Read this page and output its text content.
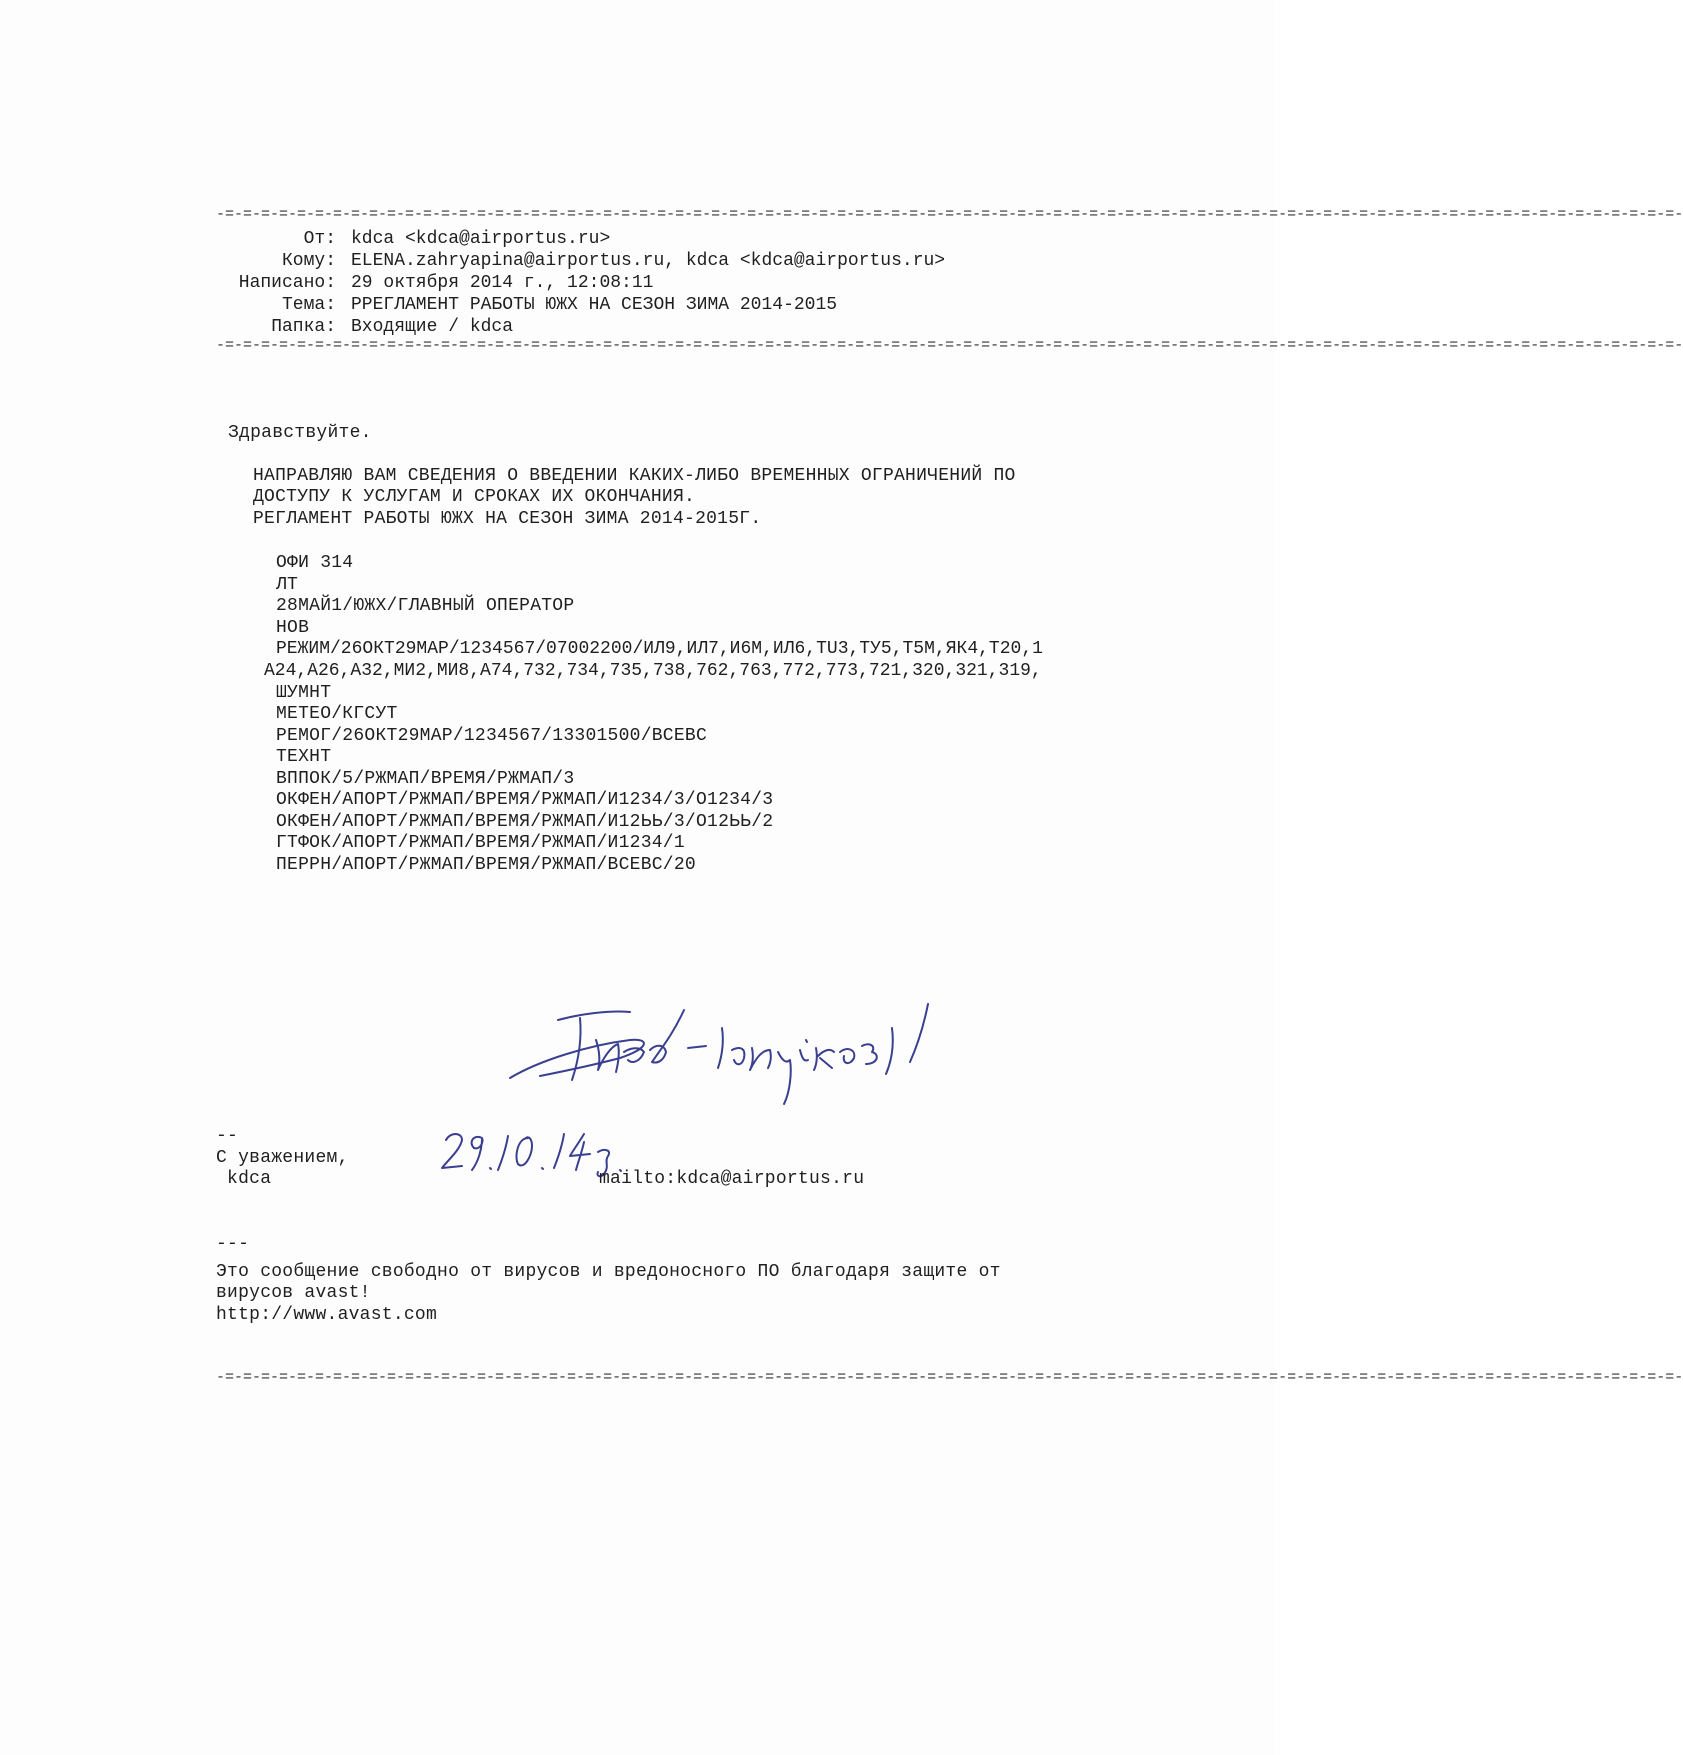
-=-=-=-=-=-=-=-=-=-=-=-=-=-=-=-=-=-=-=-=-=-=-=-=-=-=-=-=-=-=-=-=-=-=-=-=-=-=-=-=-=-=-=-=-=-=-=-=-=-=-=-=-=-=-=-=-=-=-=-=-=-=-=-=-=-=-=-=-=-=-=-=-=-=-=-=-=-=-=-=-=-
От: kdca <kdca@airportus.ru>
Кому: ELENA.zahryapina@airportus.ru, kdca <kdca@airportus.ru>
Написано: 29 октября 2014 г., 12:08:11
Тема: РРЕГЛАМЕНТ РАБОТЫ ЮЖХ НА СЕЗОН ЗИМА 2014-2015
Папка: Входящие / kdca
-=-=-=-=-=-=-=-=-=-=-=-=-=-=-=-=-=-=-=-=-=-=-=-=-=-=-=-=-=-=-=-=-=-=-=-=-=-=-=-=-=-=-=-=-=-=-=-=-=-=-=-=-=-=-=-=-=-=-=-=-=-=-=-=-=-=-=-=-=-=-=-=-=-=-=-=-=-=-=-=-=-
Здравствуйте.
НАПРАВЛЯЮ ВАМ СВЕДЕНИЯ О ВВЕДЕНИИ КАКИХ-ЛИБО ВРЕМЕННЫХ ОГРАНИЧЕНИЙ ПО
ДОСТУПУ К УСЛУГАМ И СРОКАХ ИХ ОКОНЧАНИЯ.
РЕГЛАМЕНТ РАБОТЫ ЮЖХ НА СЕЗОН ЗИМА 2014-2015Г.
ОФИ 314
ЛТ
28МАЙ1/ЮЖХ/ГЛАВНЫЙ ОПЕРАТОР
НОВ
РЕЖИМ/26ОКТ29МАР/1234567/07002200/ИЛ9,ИЛ7,И6М,ИЛ6,TU3,ТУ5,Т5М,ЯК4,Т20,1
А24,А26,А32,МИ2,МИ8,А74,732,734,735,738,762,763,772,773,721,320,321,319,
ШУМНТ
МЕТЕО/КГСУТ
РЕМОГ/26ОКТ29МАР/1234567/13301500/ВСЕВС
ТЕХНТ
ВППОК/5/РЖМАП/ВРЕМЯ/РЖМАП/3
ОКФЕН/АПОРТ/РЖМАП/ВРЕМЯ/РЖМАП/И1234/3/О1234/3
ОКФЕН/АПОРТ/РЖМАП/ВРЕМЯ/РЖМАП/И12ЬЬ/3/О12ЬЬ/2
ГТФОК/АПОРТ/РЖМАП/ВРЕМЯ/РЖМАП/И1234/1
ПЕРРН/АПОРТ/РЖМАП/ВРЕМЯ/РЖМАП/ВСЕВС/20
--
С уважением,
kdca	mailto:kdca@airportus.ru
---
Это сообщение свободно от вирусов и вредоносного ПО благодаря защите от
вирусов avast!
http://www.avast.com
-=-=-=-=-=-=-=-=-=-=-=-=-=-=-=-=-=-=-=-=-=-=-=-=-=-=-=-=-=-=-=-=-=-=-=-=-=-=-=-=-=-=-=-=-=-=-=-=-=-=-=-=-=-=-=-=-=-=-=-=-=-=-=-=-=-=-=-=-=-=-=-=-=-=-=-=-=-=-=-=-=-
